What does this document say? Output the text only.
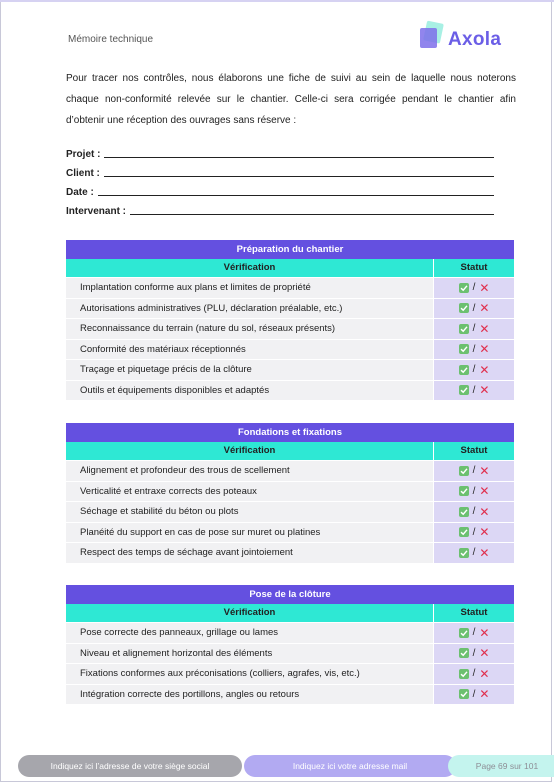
Mémoire technique	Axola
Pour tracer nos contrôles, nous élaborons une fiche de suivi au sein de laquelle nous noterons chaque non-conformité relevée sur le chantier. Celle-ci sera corrigée pendant le chantier afin d’obtenir une réception des ouvrages sans réserve :
Projet :
Client :
Date :
Intervenant :
Préparation du chantier
Vérification	Statut
Implantation conforme aux plans et limites de propriété	/ ✕
Autorisations administratives (PLU, déclaration préalable, etc.)	/ ✕
Reconnaissance du terrain (nature du sol, réseaux présents)	/ ✕
Conformité des matériaux réceptionnés	/ ✕
Traçage et piquetage précis de la clôture	/ ✕
Outils et équipements disponibles et adaptés	/ ✕
Fondations et fixations
Vérification	Statut
Alignement et profondeur des trous de scellement	/ ✕
Verticalité et entraxe corrects des poteaux	/ ✕
Séchage et stabilité du béton ou plots	/ ✕
Planéité du support en cas de pose sur muret ou platines	/ ✕
Respect des temps de séchage avant jointoiement	/ ✕
Pose de la clôture
Vérification	Statut
Pose correcte des panneaux, grillage ou lames	/ ✕
Niveau et alignement horizontal des éléments	/ ✕
Fixations conformes aux préconisations (colliers, agrafes, vis, etc.)	/ ✕
Intégration correcte des portillons, angles ou retours	/ ✕
Indiquez ici l’adresse de votre siège social	Indiquez ici votre adresse mail	Page 69 sur 101
